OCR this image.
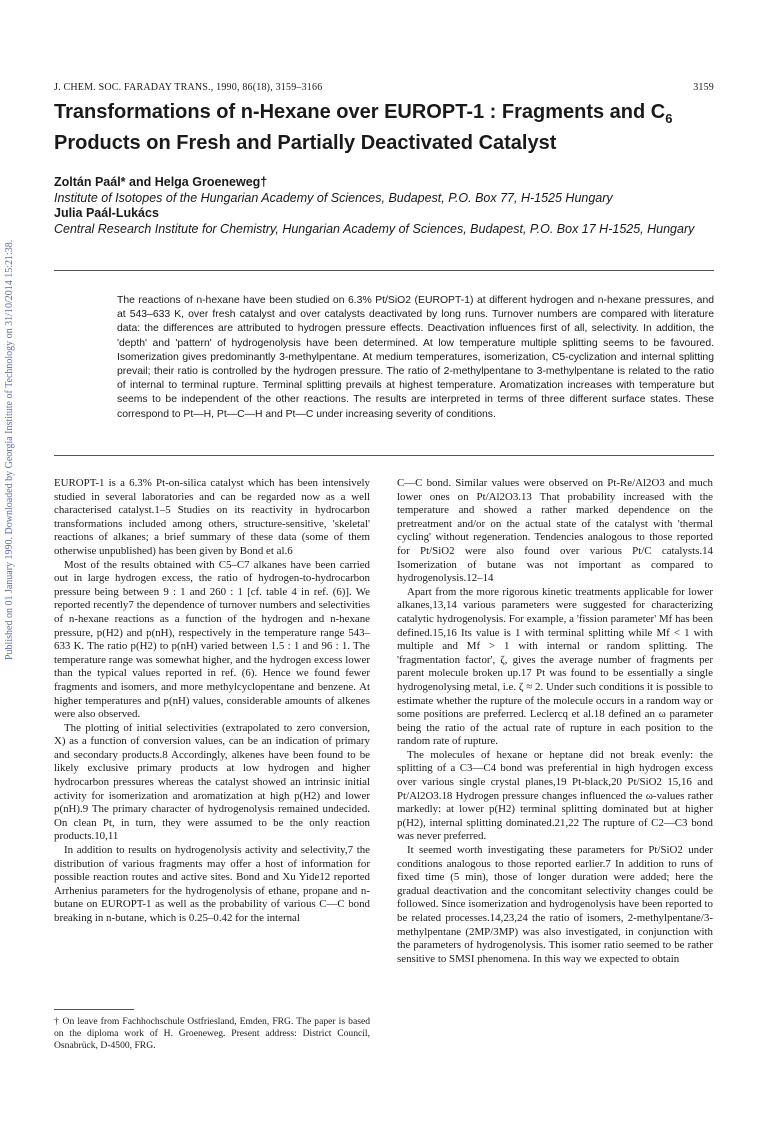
Published on 01 January 1990. Downloaded by Georgia Institute of Technology on 31/10/2014 15:21:38.
J. CHEM. SOC. FARADAY TRANS., 1990, 86(18), 3159–3166	3159
Transformations of n-Hexane over EUROPT-1 : Fragments and $C_6$
Products on Fresh and Partially Deactivated Catalyst
Zoltán Paál* and Helga Groeneweg†
Institute of Isotopes of the Hungarian Academy of Sciences, Budapest, P.O. Box 77, H-1525 Hungary
Julia Paál-Lukács
Central Research Institute for Chemistry, Hungarian Academy of Sciences, Budapest, P.O. Box 17 H-1525, Hungary
The reactions of n-hexane have been studied on 6.3% Pt/SiO2 (EUROPT-1) at different hydrogen and n-hexane pressures, and at 543–633 K, over fresh catalyst and over catalysts deactivated by long runs. Turnover numbers are compared with literature data: the differences are attributed to hydrogen pressure effects. Deactivation influences first of all, selectivity. In addition, the 'depth' and 'pattern' of hydrogenolysis have been determined. At low temperature multiple splitting seems to be favoured. Isomerization gives predominantly 3-methylpentane. At medium temperatures, isomerization, C5-cyclization and internal splitting prevail; their ratio is controlled by the hydrogen pressure. The ratio of 2-methylpentane to 3-methylpentane is related to the ratio of internal to terminal rupture. Terminal splitting prevails at highest temperature. Aromatization increases with temperature but seems to be independent of the other reactions. The results are interpreted in terms of three different surface states. These correspond to Pt—H, Pt—C—H and Pt—C under increasing severity of conditions.

EUROPT-1 is a 6.3% Pt-on-silica catalyst which has been intensively studied in several laboratories and can be regarded now as a well characterised catalyst.1–5 Studies on its reactivity in hydrocarbon transformations included among others, structure-sensitive, 'skeletal' reactions of alkanes; a brief summary of these data (some of them otherwise unpublished) has been given by Bond et al.6

Most of the results obtained with C5–C7 alkanes have been carried out in large hydrogen excess, the ratio of hydrogen-to-hydrocarbon pressure being between 9 : 1 and 260 : 1 [cf. table 4 in ref. (6)]. We reported recently7 the dependence of turnover numbers and selectivities of n-hexane reactions as a function of the hydrogen and n-hexane pressure, p(H2) and p(nH), respectively in the temperature range 543–633 K. The ratio p(H2) to p(nH) varied between 1.5 : 1 and 96 : 1. The temperature range was somewhat higher, and the hydrogen excess lower than the typical values reported in ref. (6). Hence we found fewer fragments and isomers, and more methylcyclopentane and benzene. At higher temperatures and p(nH) values, considerable amounts of alkenes were also observed.

The plotting of initial selectivities (extrapolated to zero conversion, X) as a function of conversion values, can be an indication of primary and secondary products.8 Accordingly, alkenes have been found to be likely exclusive primary products at low hydrogen and higher hydrocarbon pressures whereas the catalyst showed an intrinsic initial activity for isomerization and aromatization at high p(H2) and lower p(nH).9 The primary character of hydrogenolysis remained undecided. On clean Pt, in turn, they were assumed to be the only reaction products.10,11

In addition to results on hydrogenolysis activity and selectivity,7 the distribution of various fragments may offer a host of information for possible reaction routes and active sites. Bond and Xu Yide12 reported Arrhenius parameters for the hydrogenolysis of ethane, propane and n-butane on EUROPT-1 as well as the probability of various C—C bond breaking in n-butane, which is 0.25–0.42 for the internal

C—C bond. Similar values were observed on Pt-Re/Al2O3 and much lower ones on Pt/Al2O3.13 That probability increased with the temperature and showed a rather marked dependence on the pretreatment and/or on the actual state of the catalyst with 'thermal cycling' without regeneration. Tendencies analogous to those reported for Pt/SiO2 were also found over various Pt/C catalysts.14 Isomerization of butane was not important as compared to hydrogenolysis.12–14

Apart from the more rigorous kinetic treatments applicable for lower alkanes,13,14 various parameters were suggested for characterizing catalytic hydrogenolysis. For example, a 'fission parameter' Mf has been defined.15,16 Its value is 1 with terminal splitting while Mf < 1 with multiple and Mf > 1 with internal or random splitting. The 'fragmentation factor', ζ, gives the average number of fragments per parent molecule broken up.17 Pt was found to be essentially a single hydrogenolysing metal, i.e. ζ ≈ 2. Under such conditions it is possible to estimate whether the rupture of the molecule occurs in a random way or some positions are preferred. Leclercq et al.18 defined an ω parameter being the ratio of the actual rate of rupture in each position to the random rate of rupture.

The molecules of hexane or heptane did not break evenly: the splitting of a C3—C4 bond was preferential in high hydrogen excess over various single crystal planes,19 Pt-black,20 Pt/SiO2 15,16 and Pt/Al2O3.18 Hydrogen pressure changes influenced the ω-values rather markedly: at lower p(H2) terminal splitting dominated but at higher p(H2), internal splitting dominated.21,22 The rupture of C2—C3 bond was never preferred.

It seemed worth investigating these parameters for Pt/SiO2 under conditions analogous to those reported earlier.7 In addition to runs of fixed time (5 min), those of longer duration were added; here the gradual deactivation and the concomitant selectivity changes could be followed. Since isomerization and hydrogenolysis have been reported to be related processes.14,23,24 the ratio of isomers, 2-methylpentane/3-methylpentane (2MP/3MP) was also investigated, in conjunction with the parameters of hydrogenolysis. This isomer ratio seemed to be rather sensitive to SMSI phenomena. In this way we expected to obtain

† On leave from Fachhochschule Ostfriesland, Emden, FRG. The paper is based on the diploma work of H. Groeneweg. Present address: District Council, Osnabrück, D-4500, FRG.
